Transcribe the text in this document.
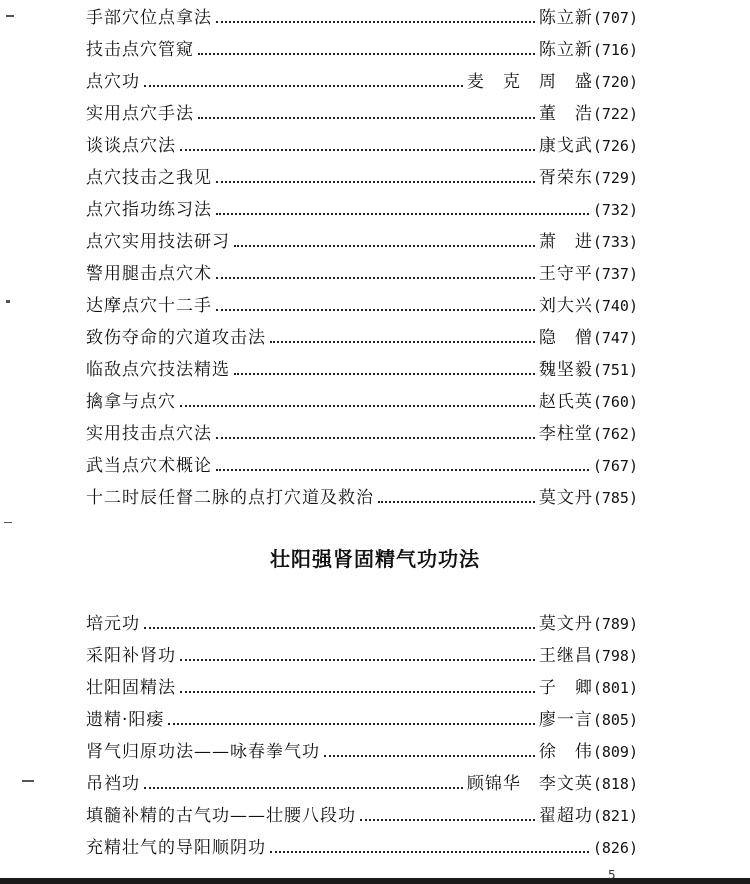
手部穴位点拿法	陈立新 (707)
技击点穴管窥	陈立新 (716)
点穴功	麦　克　周　盛 (720)
实用点穴手法	董　浩 (722)
谈谈点穴法	康戈武 (726)
点穴技击之我见	胥荣东 (729)
点穴指功练习法	(732)
点穴实用技法研习	萧　进 (733)
警用腿击点穴术	王守平 (737)
达摩点穴十二手	刘大兴 (740)
致伤夺命的穴道攻击法	隐　僧 (747)
临敌点穴技法精选	魏坚毅 (751)
擒拿与点穴	赵氏英 (760)
实用技击点穴法	李柱堂 (762)
武当点穴术概论	(767)
十二时辰任督二脉的点打穴道及救治	莫文丹 (785)
壮阳强肾固精气功功法
培元功	莫文丹 (789)
采阳补肾功	王继昌 (798)
壮阳固精法	子　卿 (801)
遗精·阳痿	廖一言 (805)
肾气归原功法——咏春拳气功	徐　伟 (809)
吊裆功	顾锦华　李文英 (818)
填髓补精的古气功——壮腰八段功	翟超功 (821)
充精壮气的导阳顺阴功	(826)
5
